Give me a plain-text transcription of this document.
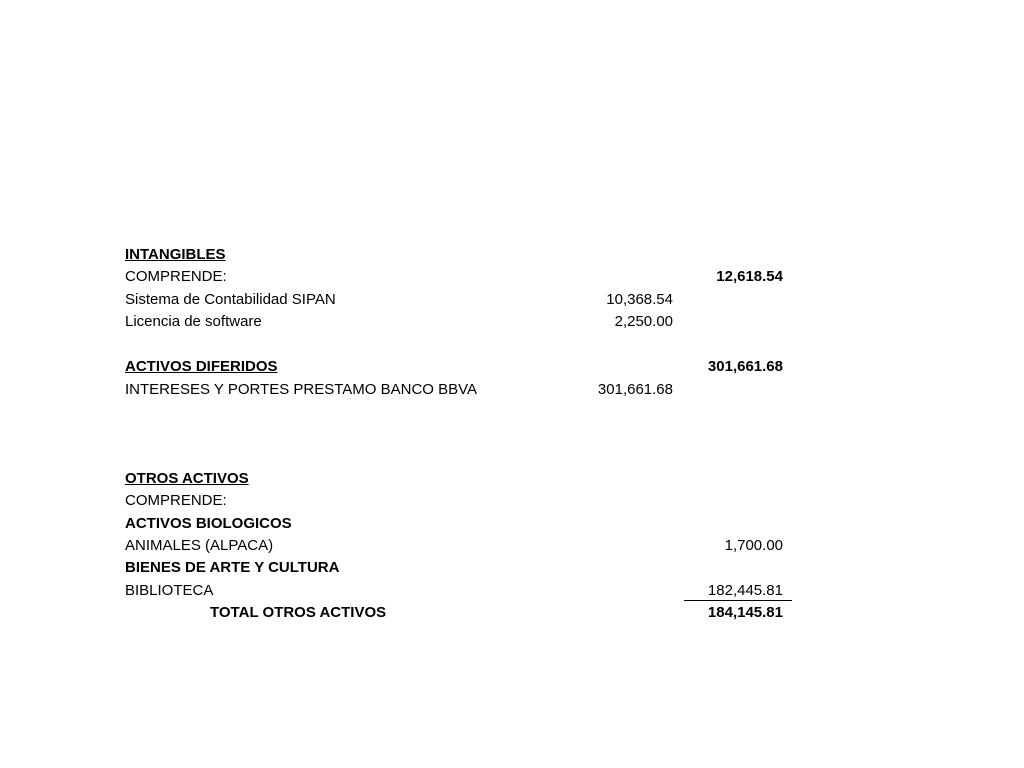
INTANGIBLES
COMPRENDE:	12,618.54
Sistema de Contabilidad SIPAN	10,368.54
Licencia de software	2,250.00
ACTIVOS DIFERIDOS	301,661.68
INTERESES Y PORTES PRESTAMO BANCO BBVA	301,661.68
OTROS ACTIVOS
COMPRENDE:
ACTIVOS BIOLOGICOS
ANIMALES (ALPACA)	1,700.00
BIENES DE ARTE Y CULTURA
BIBLIOTECA	182,445.81
TOTAL OTROS ACTIVOS	184,145.81
